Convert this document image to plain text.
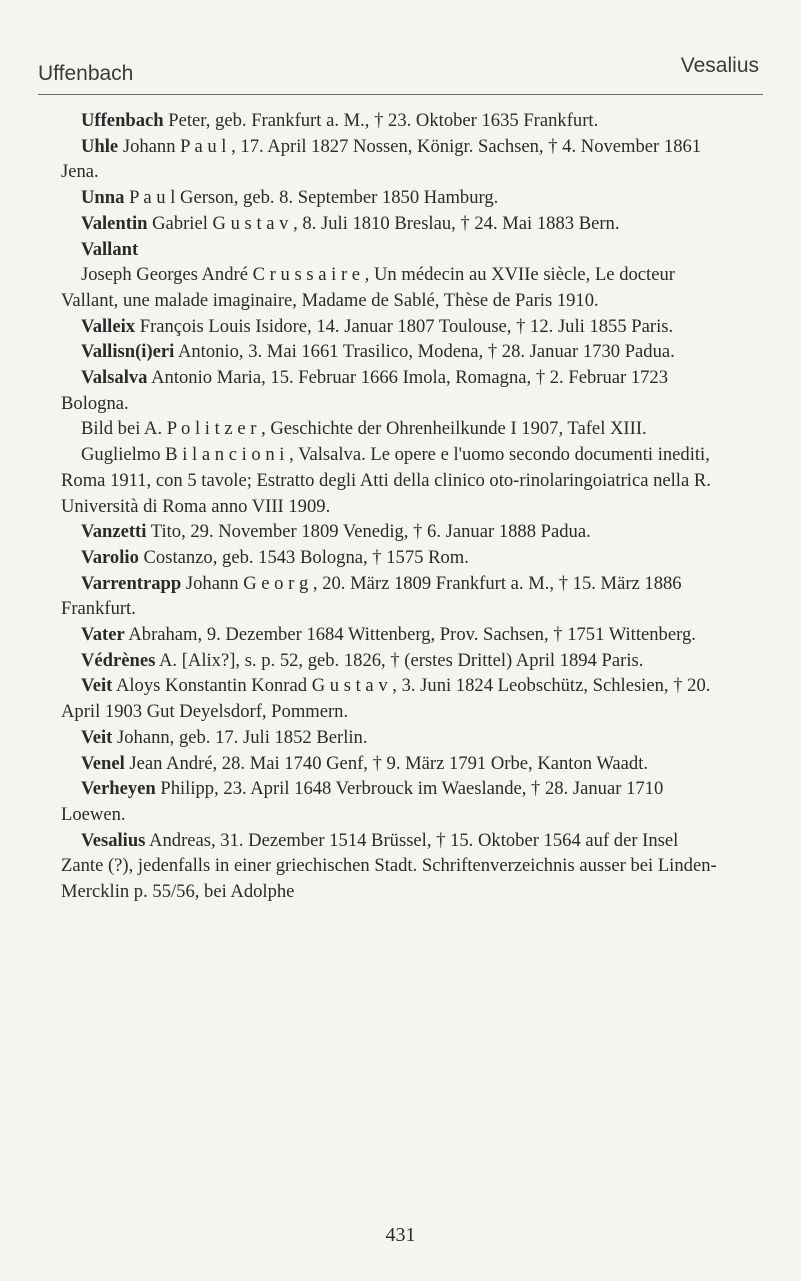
Uffenbach	Vesalius

Uffenbach Peter, geb. Frankfurt a. M., † 23. Oktober 1635 Frankfurt.

Uhle Johann P a u l , 17. April 1827 Nossen, Königr. Sachsen, † 4. November 1861 Jena.

Unna P a u l Gerson, geb. 8. September 1850 Hamburg.

Valentin Gabriel G u s t a v , 8. Juli 1810 Breslau, † 24. Mai 1883 Bern.

Vallant

Joseph Georges André C r u s s a i r e , Un médecin au XVIIe siècle, Le docteur Vallant, une malade imaginaire, Madame de Sablé, Thèse de Paris 1910.

Valleix François Louis Isidore, 14. Januar 1807 Toulouse, † 12. Juli 1855 Paris.

Vallisn(i)eri Antonio, 3. Mai 1661 Trasilico, Modena, † 28. Januar 1730 Padua.

Valsalva Antonio Maria, 15. Februar 1666 Imola, Romagna, † 2. Februar 1723 Bologna.

Bild bei A. P o l i t z e r , Geschichte der Ohrenheilkunde I 1907, Tafel XIII.

Guglielmo B i l a n c i o n i , Valsalva. Le opere e l'uomo secondo documenti inediti, Roma 1911, con 5 tavole; Estratto degli Atti della clinico oto-rinolaringoiatrica nella R. Università di Roma anno VIII 1909.

Vanzetti Tito, 29. November 1809 Venedig, † 6. Januar 1888 Padua.

Varolio Costanzo, geb. 1543 Bologna, † 1575 Rom.

Varrentrapp Johann G e o r g , 20. März 1809 Frankfurt a. M., † 15. März 1886 Frankfurt.

Vater Abraham, 9. Dezember 1684 Wittenberg, Prov. Sachsen, † 1751 Wittenberg.

Védrènes A. [Alix?], s. p. 52, geb. 1826, † (erstes Drittel) April 1894 Paris.

Veit Aloys Konstantin Konrad G u s t a v , 3. Juni 1824 Leobschütz, Schlesien, † 20. April 1903 Gut Deyelsdorf, Pommern.

Veit Johann, geb. 17. Juli 1852 Berlin.

Venel Jean André, 28. Mai 1740 Genf, † 9. März 1791 Orbe, Kanton Waadt.

Verheyen Philipp, 23. April 1648 Verbrouck im Waeslande, † 28. Januar 1710 Loewen.

Vesalius Andreas, 31. Dezember 1514 Brüssel, † 15. Oktober 1564 auf der Insel Zante (?), jedenfalls in einer griechischen Stadt. Schriftenverzeichnis ausser bei Linden-Mercklin p. 55/56, bei Adolphe

431
